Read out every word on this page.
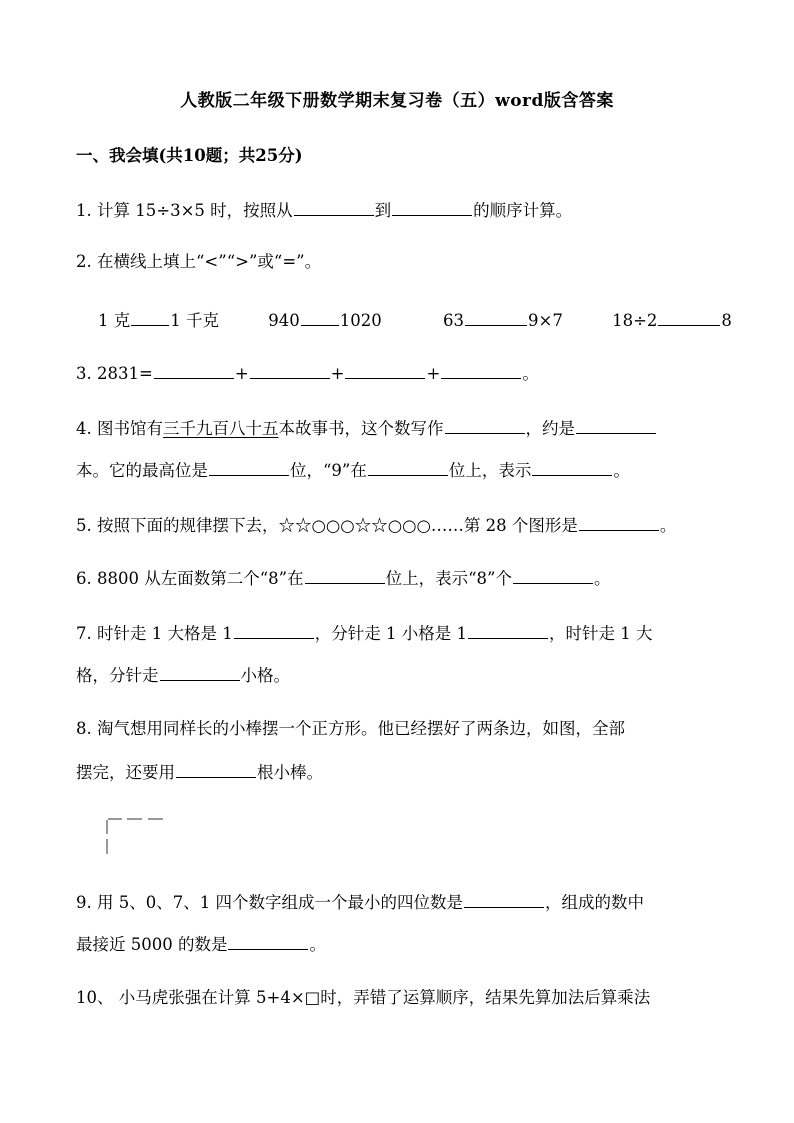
人教版二年级下册数学期末复习卷（五）word版含答案
一、我会填(共10题；共25分)
1. 计算 15÷3×5 时，按照从	到	的顺序计算。
2. 在横线上填上“<”“>”或“=”。
1 克 1 千克	940 1020	63	9×7	18÷2	8
3. 2831=	+	+	+	。
4. 图书馆有三千九百八十五本故事书，这个数写作	，约是
本。它的最高位是	位，“9”在	位上，表示	。
5. 按照下面的规律摆下去，☆☆○○○☆☆○○○……第 28 个图形是	。
6. 8800 从左面数第二个“8”在	位上，表示“8”个	。
7. 时针走 1 大格是 1	，分针走 1 小格是 1	，时针走 1 大
格，分针走	小格。
8. 淘气想用同样长的小棒摆一个正方形。他已经摆好了两条边，如图，全部
摆完，还要用	根小棒。
9. 用 5、0、7、1 四个数字组成一个最小的四位数是	，组成的数中
最接近 5000 的数是	。
10、 小马虎张强在计算 5+4×□时，弄错了运算顺序，结果先算加法后算乘法
